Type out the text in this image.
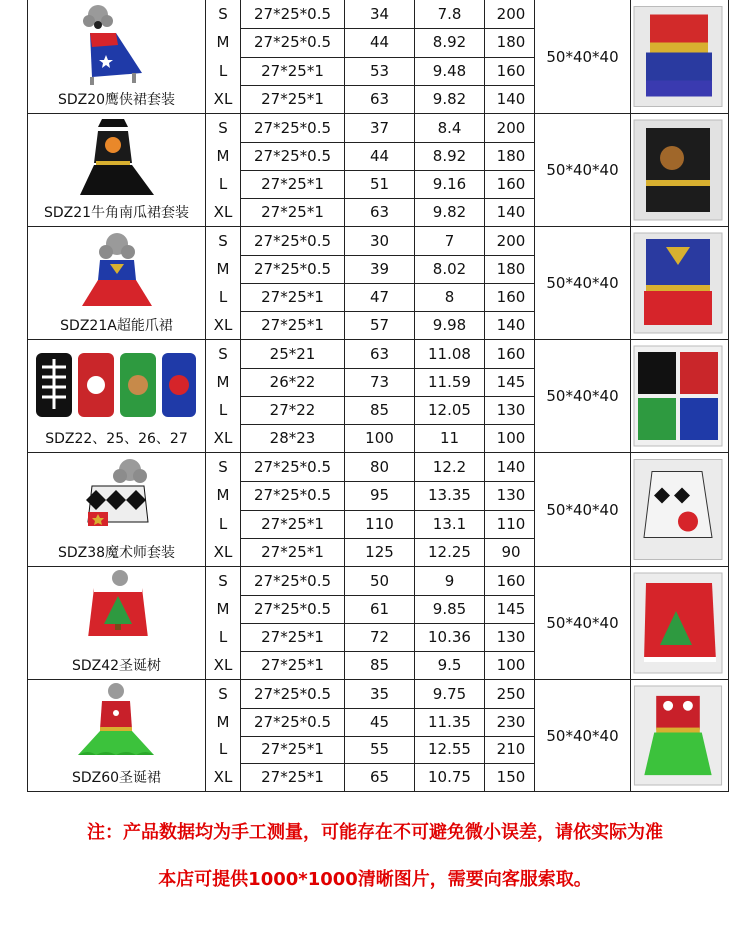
SDZ20鹰侠裙套装
S	27*25*0.5	34	7.8	200
M	27*25*0.5	44	8.92	180
L	27*25*1	53	9.48	160
XL	27*25*1	63	9.82	140
50*40*40
SDZ21牛角南瓜裙套装
S	27*25*0.5	37	8.4	200
M	27*25*0.5	44	8.92	180
L	27*25*1	51	9.16	160
XL	27*25*1	63	9.82	140
50*40*40
SDZ21A超能爪裙
S	27*25*0.5	30	7	200
M	27*25*0.5	39	8.02	180
L	27*25*1	47	8	160
XL	27*25*1	57	9.98	140
50*40*40
SDZ22、25、26、27
S	25*21	63	11.08	160
M	26*22	73	11.59	145
L	27*22	85	12.05	130
XL	28*23	100	11	100
50*40*40
SDZ38魔术师套装
S	27*25*0.5	80	12.2	140
M	27*25*0.5	95	13.35	130
L	27*25*1	110	13.1	110
XL	27*25*1	125	12.25	90
50*40*40
SDZ42圣诞树
S	27*25*0.5	50	9	160
M	27*25*0.5	61	9.85	145
L	27*25*1	72	10.36	130
XL	27*25*1	85	9.5	100
50*40*40
SDZ60圣诞裙
S	27*25*0.5	35	9.75	250
M	27*25*0.5	45	11.35	230
L	27*25*1	55	12.55	210
XL	27*25*1	65	10.75	150
50*40*40
注：产品数据均为手工测量，可能存在不可避免微小误差，请依实际为准
本店可提供1000*1000清晰图片，需要向客服索取。
